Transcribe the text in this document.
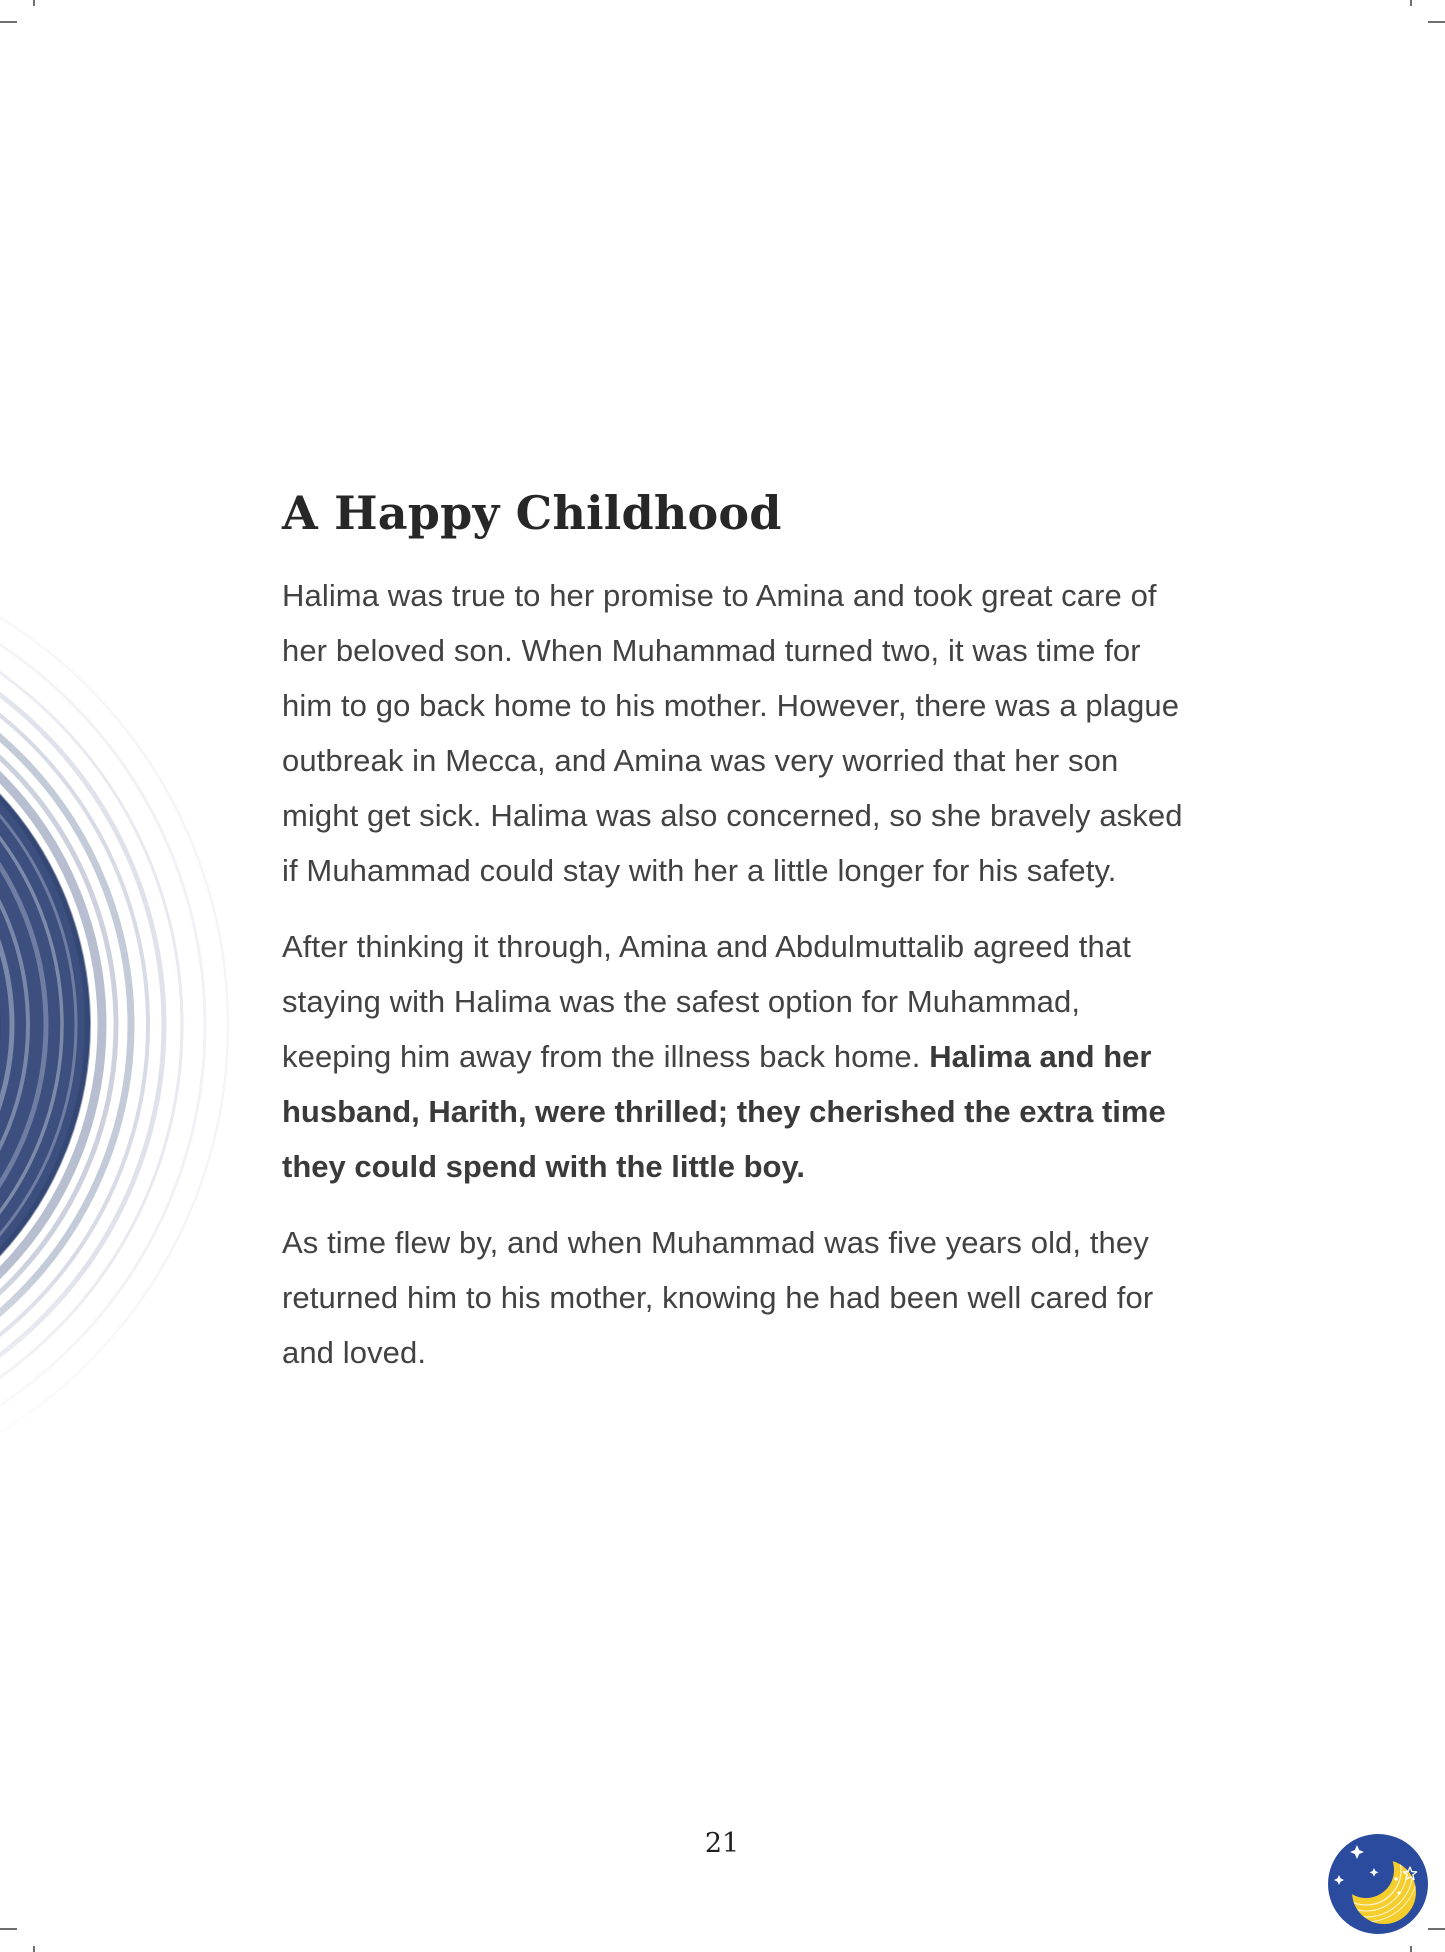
A Happy Childhood

Halima was true to her promise to Amina and took great care of her beloved son. When Muhammad turned two, it was time for him to go back home to his mother. However, there was a plague outbreak in Mecca, and Amina was very worried that her son might get sick. Halima was also concerned, so she bravely asked if Muhammad could stay with her a little longer for his safety.

After thinking it through, Amina and Abdulmuttalib agreed that staying with Halima was the safest option for Muhammad, keeping him away from the illness back home. Halima and her husband, Harith, were thrilled; they cherished the extra time they could spend with the little boy.

As time flew by, and when Muhammad was five years old, they returned him to his mother, knowing he had been well cared for and loved.

21
